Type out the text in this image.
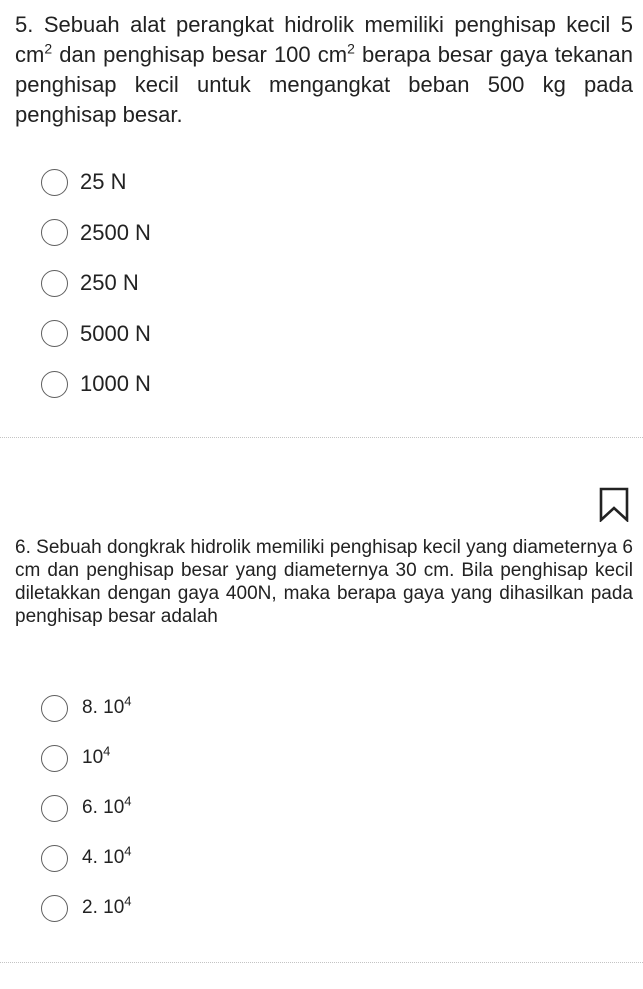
5. Sebuah alat perangkat hidrolik memiliki penghisap kecil 5 $cm^2$ dan penghisap besar 100 $cm^2$ berapa besar gaya tekanan penghisap kecil untuk mengangkat beban 500 kg pada penghisap besar.
25 N
2500 N
250 N
5000 N
1000 N
6. Sebuah dongkrak hidrolik memiliki penghisap kecil yang diameternya 6 cm dan penghisap besar yang diameternya 30 cm. Bila penghisap kecil diletakkan dengan gaya 400N, maka berapa gaya yang dihasilkan pada penghisap besar adalah
8. $10^4$
$10^4$
6. $10^4$
4. $10^4$
2. $10^4$
